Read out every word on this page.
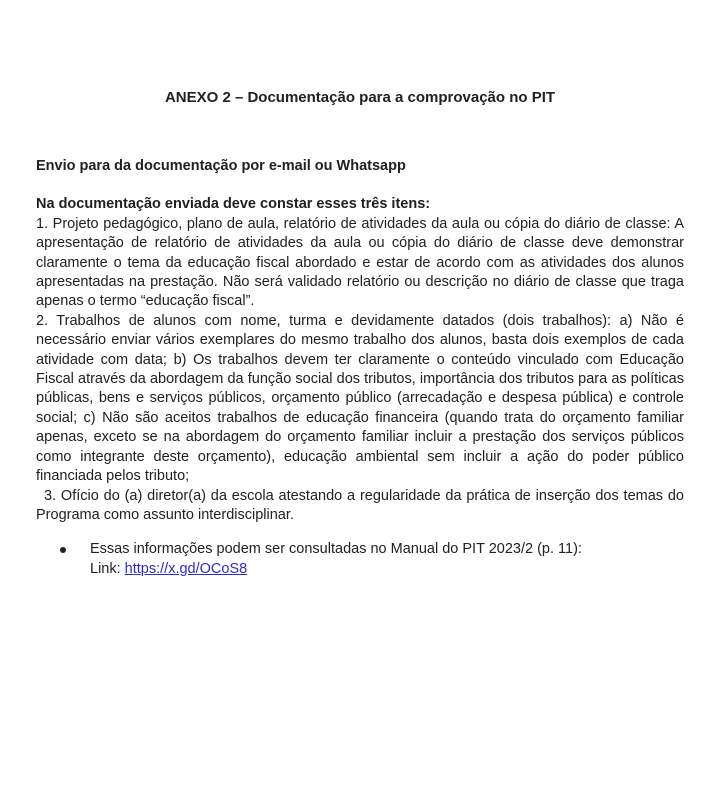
ANEXO 2 – Documentação para a comprovação no PIT

Envio para da documentação por e-mail ou Whatsapp

Na documentação enviada deve constar esses três itens:

1. Projeto pedagógico, plano de aula, relatório de atividades da aula ou cópia do diário de classe: A apresentação de relatório de atividades da aula ou cópia do diário de classe deve demonstrar claramente o tema da educação fiscal abordado e estar de acordo com as atividades dos alunos apresentadas na prestação. Não será validado relatório ou descrição no diário de classe que traga apenas o termo “educação fiscal”.

2. Trabalhos de alunos com nome, turma e devidamente datados (dois trabalhos): a) Não é necessário enviar vários exemplares do mesmo trabalho dos alunos, basta dois exemplos de cada atividade com data; b) Os trabalhos devem ter claramente o conteúdo vinculado com Educação Fiscal através da abordagem da função social dos tributos, importância dos tributos para as políticas públicas, bens e serviços públicos, orçamento público (arrecadação e despesa pública) e controle social; c) Não são aceitos trabalhos de educação financeira (quando trata do orçamento familiar apenas, exceto se na abordagem do orçamento familiar incluir a prestação dos serviços públicos como integrante deste orçamento), educação ambiental sem incluir a ação do poder público financiada pelos tributo;

3. Ofício do (a) diretor(a) da escola atestando a regularidade da prática de inserção dos temas do Programa como assunto interdisciplinar.

Essas informações podem ser consultadas no Manual do PIT 2023/2 (p. 11):

Link: https://x.gd/OCoS8
